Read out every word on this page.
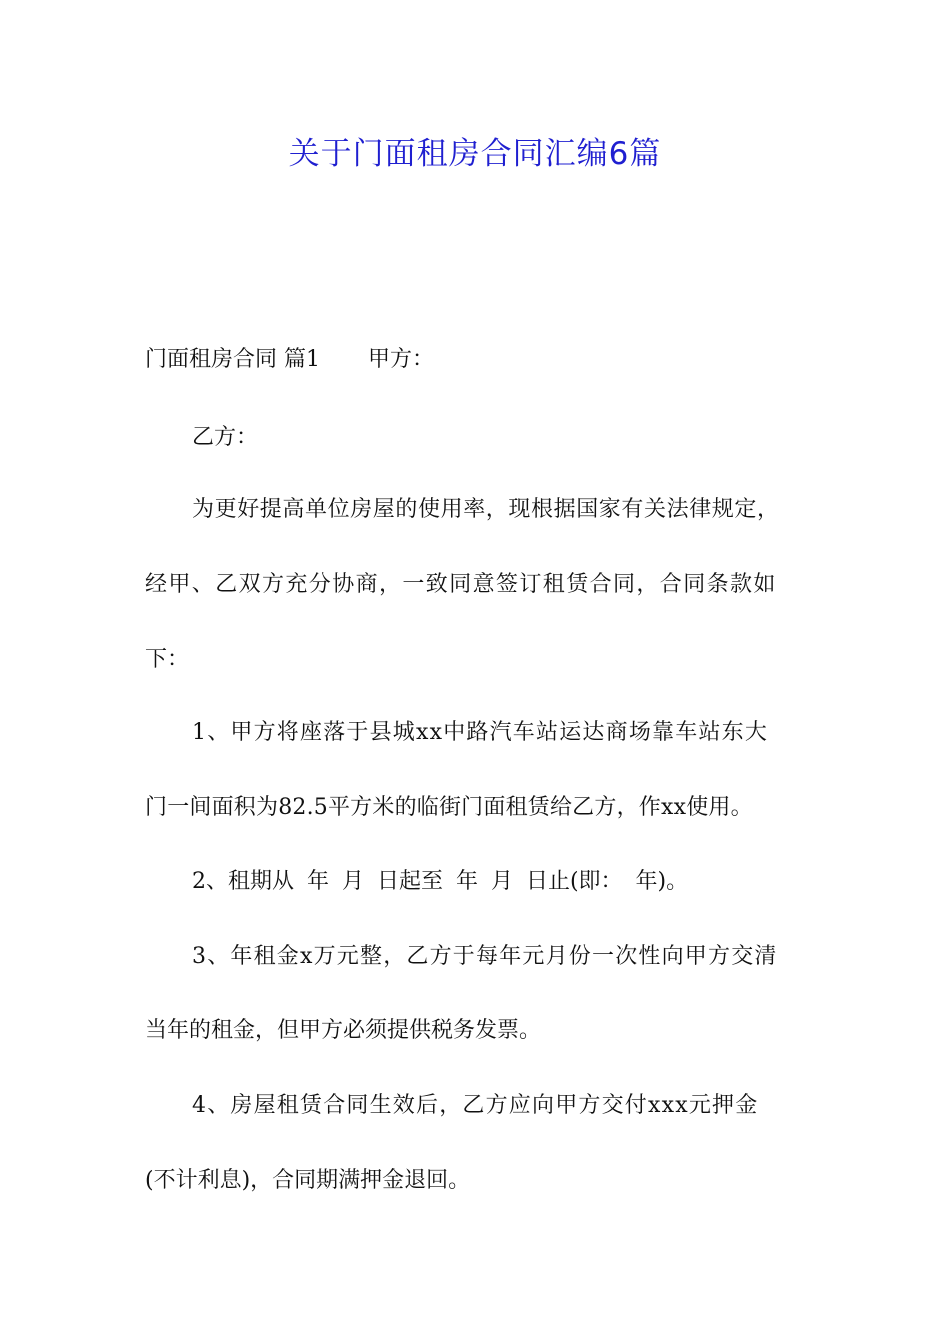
关于门面租房合同汇编6篇
门面租房合同 篇1 甲方：
乙方：
为更好提高单位房屋的使用率，现根据国家有关法律规定，
经甲、乙双方充分协商，一致同意签订租赁合同，合同条款如
下：
1、甲方将座落于县城xx中路汽车站运达商场靠车站东大
门一间面积为82.5平方米的临街门面租赁给乙方，作xx使用。
2、租期从 年 月 日起至 年 月 日止(即： 年)。
3、年租金x万元整，乙方于每年元月份一次性向甲方交清
当年的租金，但甲方必须提供税务发票。
4、房屋租赁合同生效后，乙方应向甲方交付xxx元押金
(不计利息)，合同期满押金退回。
